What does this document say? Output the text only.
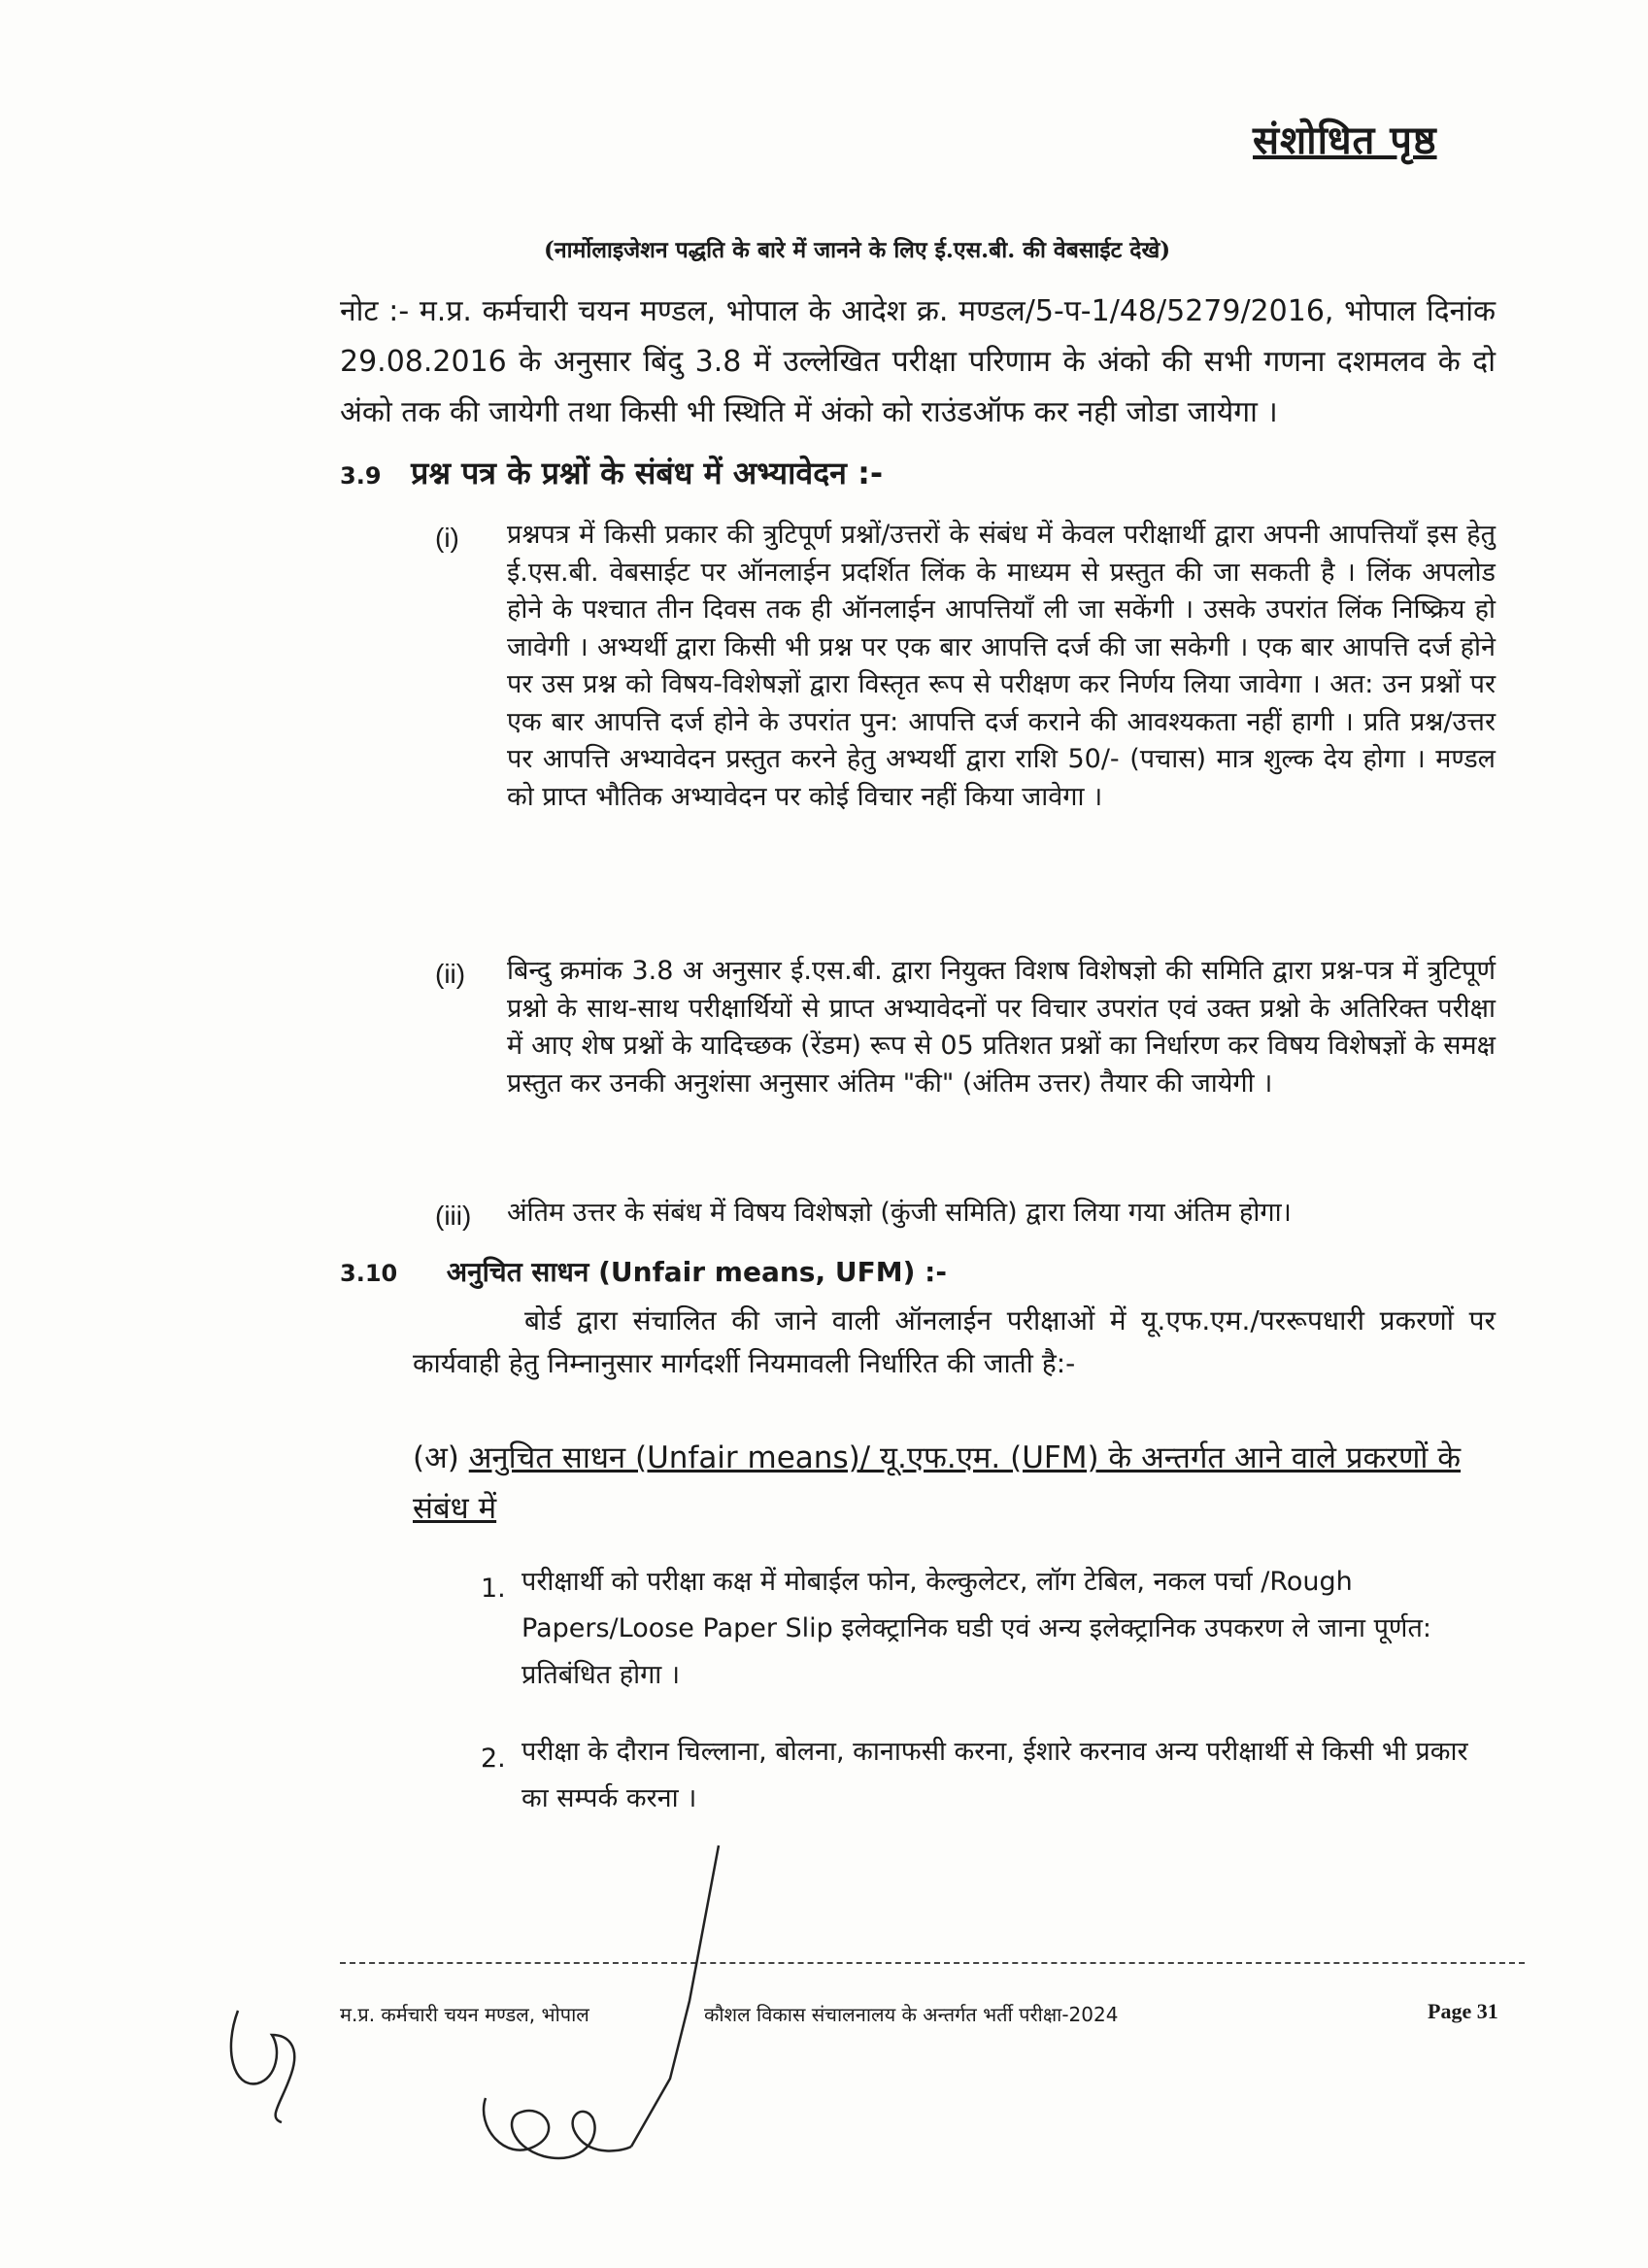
संशोधित पृष्ठ
(नार्मोलाइजेशन पद्धति के बारे में जानने के लिए ई.एस.बी. की वेबसाईट देखे)
नोट :- म.प्र. कर्मचारी चयन मण्डल, भोपाल के आदेश क्र. मण्डल/5-प-1/48/5279/2016, भोपाल दिनांक 29.08.2016 के अनुसार बिंदु 3.8 में उल्लेखित परीक्षा परिणाम के अंको की सभी गणना दशमलव के दो अंको तक की जायेगी तथा किसी भी स्थिति में अंको को राउंडऑफ कर नही जोडा जायेगा ।
3.9 प्रश्न पत्र के प्रश्नों के संबंध में अभ्यावेदन :-
(i) प्रश्नपत्र में किसी प्रकार की त्रुटिपूर्ण प्रश्नों/उत्तरों के संबंध में केवल परीक्षार्थी द्वारा अपनी आपत्तियाँ इस हेतु ई.एस.बी. वेबसाईट पर ऑनलाईन प्रदर्शित लिंक के माध्यम से प्रस्तुत की जा सकती है । लिंक अपलोड होने के पश्चात तीन दिवस तक ही ऑनलाईन आपत्तियाँ ली जा सकेंगी । उसके उपरांत लिंक निष्क्रिय हो जावेगी । अभ्यर्थी द्वारा किसी भी प्रश्न पर एक बार आपत्ति दर्ज की जा सकेगी । एक बार आपत्ति दर्ज होने पर उस प्रश्न को विषय-विशेषज्ञों द्वारा विस्तृत रूप से परीक्षण कर निर्णय लिया जावेगा । अत: उन प्रश्नों पर एक बार आपत्ति दर्ज होने के उपरांत पुन: आपत्ति दर्ज कराने की आवश्यकता नहीं हागी । प्रति प्रश्न/उत्तर पर आपत्ति अभ्यावेदन प्रस्तुत करने हेतु अभ्यर्थी द्वारा राशि 50/- (पचास) मात्र शुल्क देय होगा । मण्डल को प्राप्त भौतिक अभ्यावेदन पर कोई विचार नहीं किया जावेगा ।
(ii) बिन्दु क्रमांक 3.8 अ अनुसार ई.एस.बी. द्वारा नियुक्त विशष विशेषज्ञो की समिति द्वारा प्रश्न-पत्र में त्रुटिपूर्ण प्रश्नो के साथ-साथ परीक्षार्थियों से प्राप्त अभ्यावेदनों पर विचार उपरांत एवं उक्त प्रश्नो के अतिरिक्त परीक्षा में आए शेष प्रश्नों के यादिच्छक (रेंडम) रूप से 05 प्रतिशत प्रश्नों का निर्धारण कर विषय विशेषज्ञों के समक्ष प्रस्तुत कर उनकी अनुशंसा अनुसार अंतिम "की" (अंतिम उत्तर) तैयार की जायेगी ।
(iii) अंतिम उत्तर के संबंध में विषय विशेषज्ञो (कुंजी समिति) द्वारा लिया गया अंतिम होगा।
3.10 अनुचित साधन (Unfair means, UFM) :-
बोर्ड द्वारा संचालित की जाने वाली ऑनलाईन परीक्षाओं में यू.एफ.एम./पररूपधारी प्रकरणों पर कार्यवाही हेतु निम्नानुसार मार्गदर्शी नियमावली निर्धारित की जाती है:-
(अ) अनुचित साधन (Unfair means)/ यू.एफ.एम. (UFM) के अन्तर्गत आने वाले प्रकरणों के संबंध में
1. परीक्षार्थी को परीक्षा कक्ष में मोबाईल फोन, केल्कुलेटर, लॉग टेबिल, नकल पर्चा /Rough Papers/Loose Paper Slip इलेक्ट्रानिक घडी एवं अन्य इलेक्ट्रानिक उपकरण ले जाना पूर्णत: प्रतिबंधित होगा ।
2. परीक्षा के दौरान चिल्लाना, बोलना, कानाफसी करना, ईशारे करनाव अन्य परीक्षार्थी से किसी भी प्रकार का सम्पर्क करना ।
म.प्र. कर्मचारी चयन मण्डल, भोपाल	कौशल विकास संचालनालय के अन्तर्गत भर्ती परीक्षा-2024	Page 31
